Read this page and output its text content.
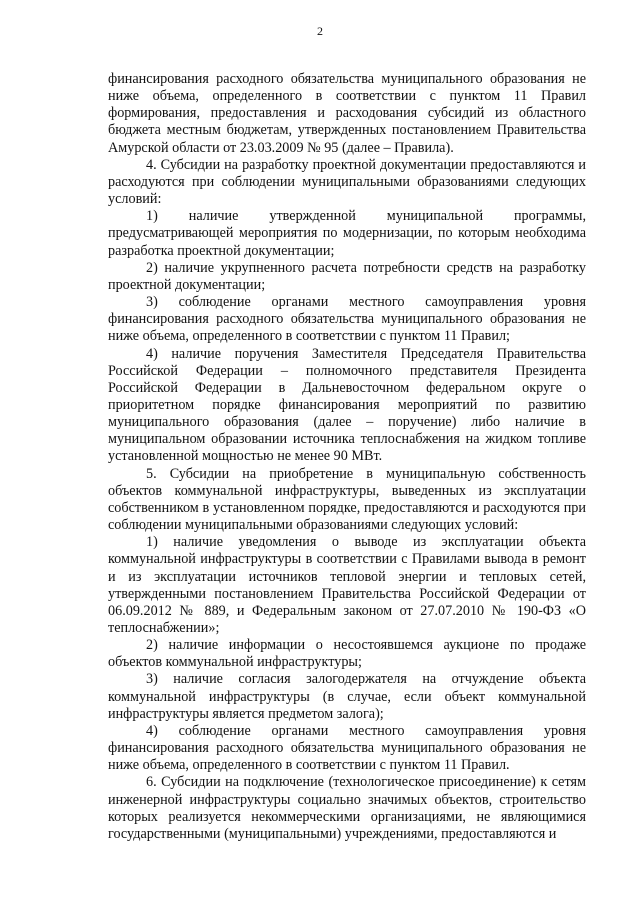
2

финансирования расходного обязательства муниципального образования не ниже объема, определенного в соответствии с пунктом 11 Правил формирования, предоставления и расходования субсидий из областного бюджета местным бюджетам, утвержденных постановлением Правительства Амурской области от 23.03.2009 № 95 (далее – Правила).

4. Субсидии на разработку проектной документации предоставляются и расходуются при соблюдении муниципальными образованиями следующих условий:

1) наличие утвержденной муниципальной программы, предусматривающей мероприятия по модернизации, по которым необходима разработка проектной документации;

2) наличие укрупненного расчета потребности средств на разработку проектной документации;

3) соблюдение органами местного самоуправления уровня финансирования расходного обязательства муниципального образования не ниже объема, определенного в соответствии с пунктом 11 Правил;

4) наличие поручения Заместителя Председателя Правительства Российской Федерации – полномочного представителя Президента Российской Федерации в Дальневосточном федеральном округе о приоритетном порядке финансирования мероприятий по развитию муниципального образования (далее – поручение) либо наличие в муниципальном образовании источника теплоснабжения на жидком топливе установленной мощностью не менее 90 МВт.

5. Субсидии на приобретение в муниципальную собственность объектов коммунальной инфраструктуры, выведенных из эксплуатации собственником в установленном порядке, предоставляются и расходуются при соблюдении муниципальными образованиями следующих условий:

1) наличие уведомления о выводе из эксплуатации объекта коммунальной инфраструктуры в соответствии с Правилами вывода в ремонт и из эксплуатации источников тепловой энергии и тепловых сетей, утвержденными постановлением Правительства Российской Федерации от 06.09.2012 № 889, и Федеральным законом от 27.07.2010 № 190-ФЗ «О теплоснабжении»;

2) наличие информации о несостоявшемся аукционе по продаже объектов коммунальной инфраструктуры;

3) наличие согласия залогодержателя на отчуждение объекта коммунальной инфраструктуры (в случае, если объект коммунальной инфраструктуры является предметом залога);

4) соблюдение органами местного самоуправления уровня финансирования расходного обязательства муниципального образования не ниже объема, определенного в соответствии с пунктом 11 Правил.

6. Субсидии на подключение (технологическое присоединение) к сетям инженерной инфраструктуры социально значимых объектов, строительство которых реализуется некоммерческими организациями, не являющимися государственными (муниципальными) учреждениями, предоставляются и
